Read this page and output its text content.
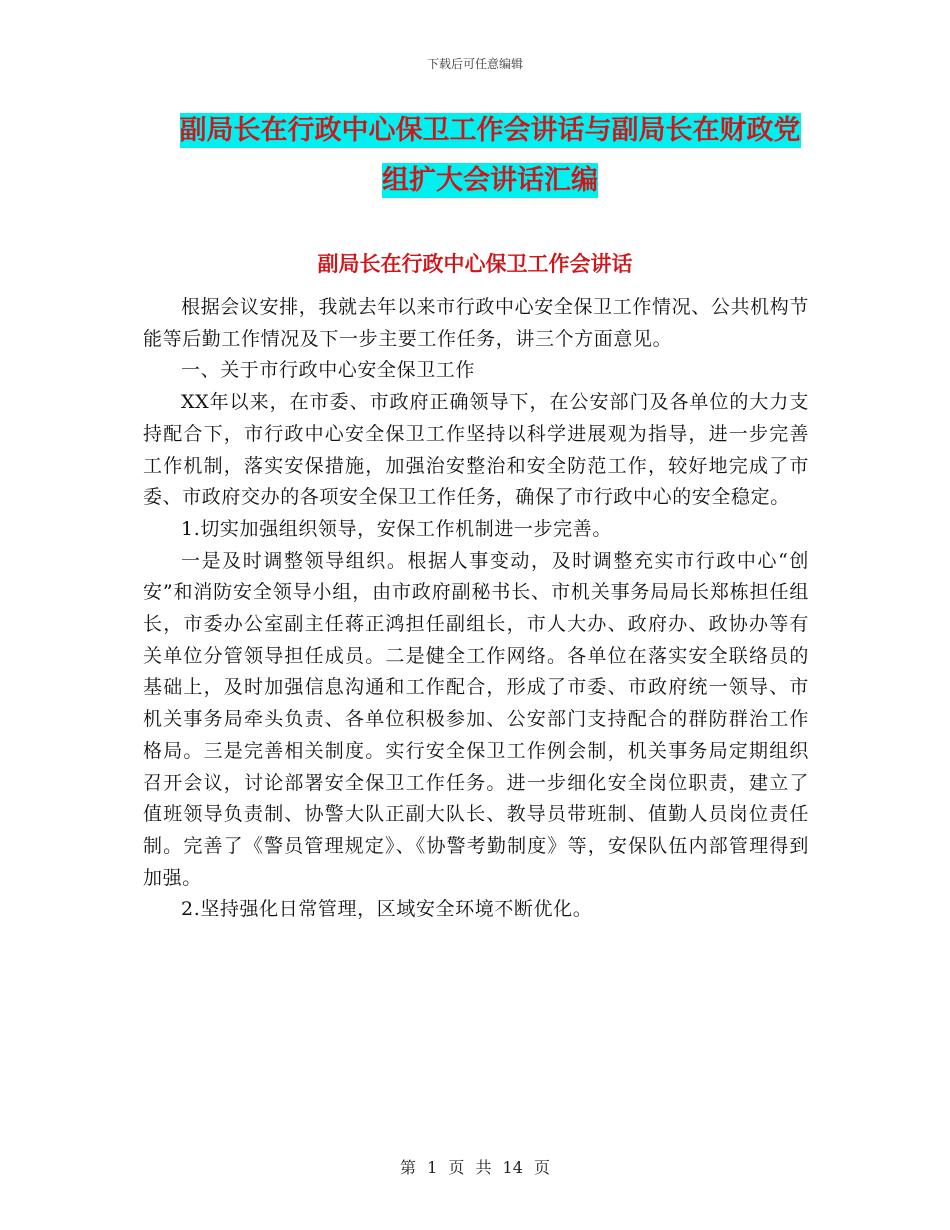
下载后可任意编辑
副局长在行政中心保卫工作会讲话与副局长在财政党
组扩大会讲话汇编
副局长在行政中心保卫工作会讲话

根据会议安排，我就去年以来市行政中心安全保卫工作情况、公共机构节能等后勤工作情况及下一步主要工作任务，讲三个方面意见。

一、关于市行政中心安全保卫工作

XX年以来，在市委、市政府正确领导下，在公安部门及各单位的大力支持配合下，市行政中心安全保卫工作坚持以科学进展观为指导，进一步完善工作机制，落实安保措施，加强治安整治和安全防范工作，较好地完成了市委、市政府交办的各项安全保卫工作任务，确保了市行政中心的安全稳定。

1.切实加强组织领导，安保工作机制进一步完善。

一是及时调整领导组织。根据人事变动，及时调整充实市行政中心“创安”和消防安全领导小组，由市政府副秘书长、市机关事务局局长郑栋担任组长，市委办公室副主任蒋正鸿担任副组长，市人大办、政府办、政协办等有关单位分管领导担任成员。二是健全工作网络。各单位在落实安全联络员的基础上，及时加强信息沟通和工作配合，形成了市委、市政府统一领导、市机关事务局牵头负责、各单位积极参加、公安部门支持配合的群防群治工作格局。三是完善相关制度。实行安全保卫工作例会制，机关事务局定期组织召开会议，讨论部署安全保卫工作任务。进一步细化安全岗位职责，建立了值班领导负责制、协警大队正副大队长、教导员带班制、值勤人员岗位责任制。完善了《警员管理规定》、《协警考勤制度》等，安保队伍内部管理得到加强。

2.坚持强化日常管理，区域安全环境不断优化。

第 1 页 共 14 页
